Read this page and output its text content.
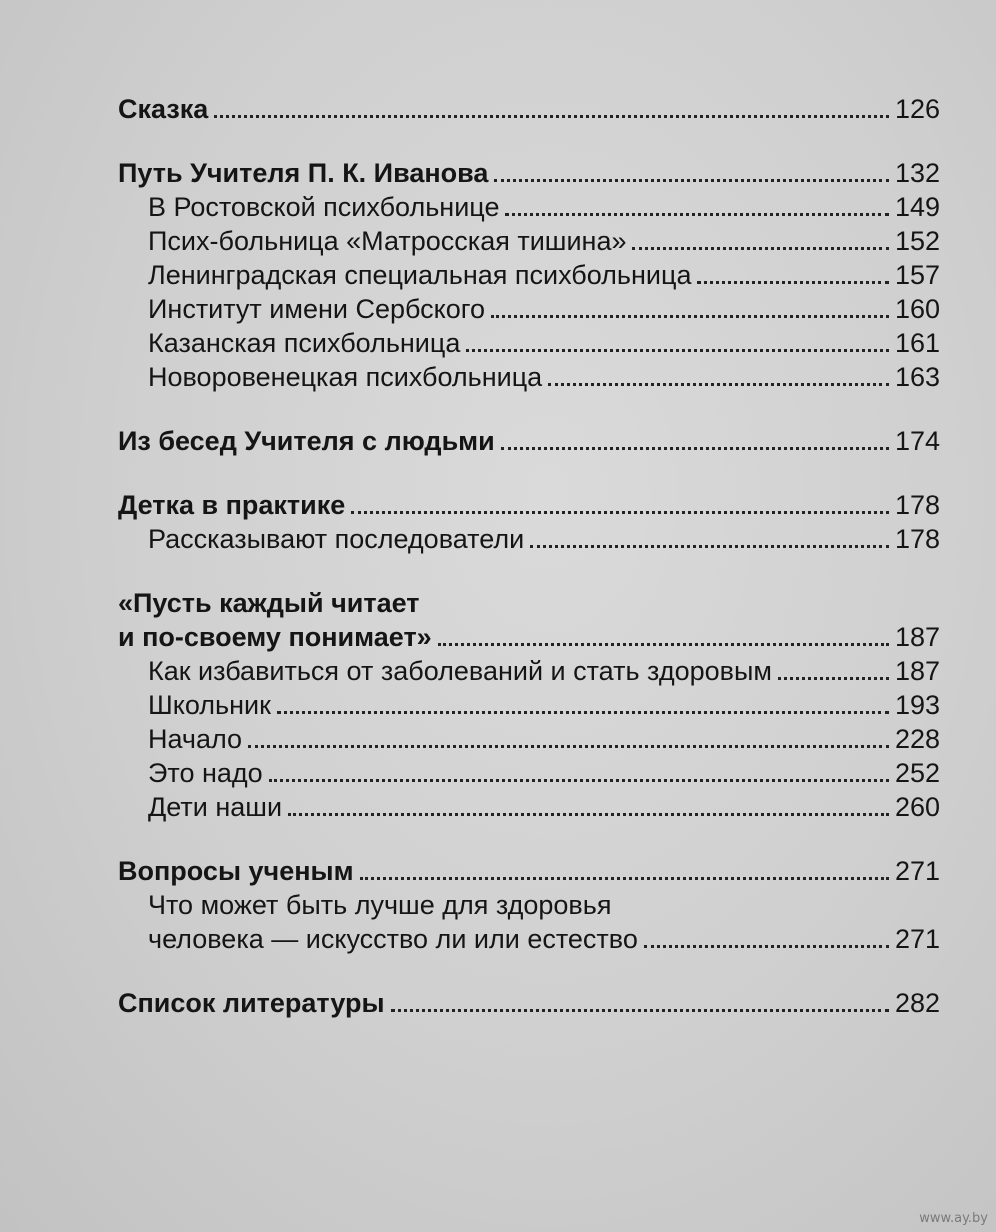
Сказка	126
Путь Учителя П. К. Иванова	132
В Ростовской психбольнице	149
Псих-больница «Матросская тишина»	152
Ленинградская специальная психбольница	157
Институт имени Сербского	160
Казанская психбольница	161
Новоровенецкая психбольница	163
Из бесед Учителя с людьми	174
Детка в практике	178
Рассказывают последователи	178
«Пусть каждый читает
и по-своему понимает»	187
Как избавиться от заболеваний и стать здоровым	187
Школьник	193
Начало	228
Это надо	252
Дети наши	260
Вопросы ученым	271
Что может быть лучше для здоровья
человека — искусство ли или естество	271
Список литературы	282
www.ay.by
